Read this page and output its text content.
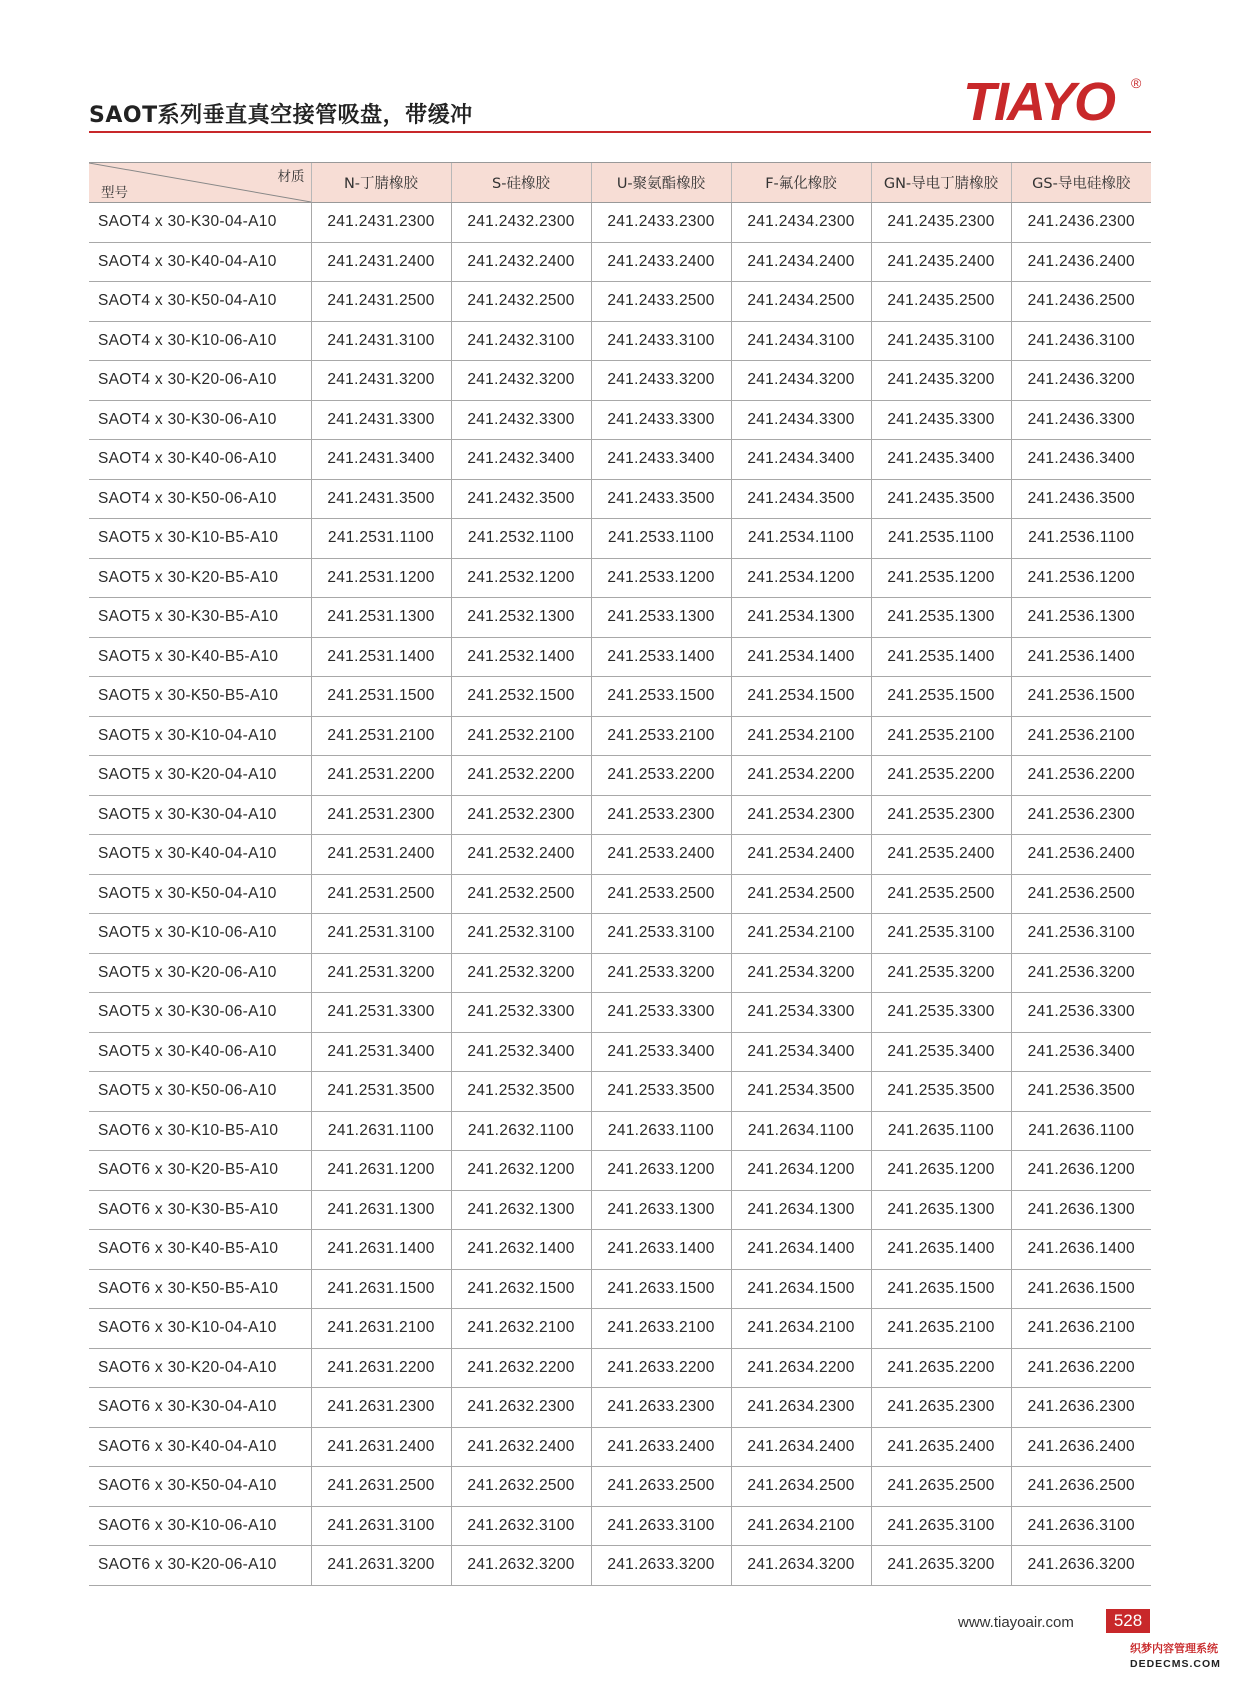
SAOT系列垂直真空接管吸盘，带缓冲	TIAYO ®
材质
型号	N-丁腈橡胶	S-硅橡胶	U-聚氨酯橡胶	F-氟化橡胶	GN-导电丁腈橡胶	GS-导电硅橡胶
SAOT4 x 30-K30-04-A10	241.2431.2300	241.2432.2300	241.2433.2300	241.2434.2300	241.2435.2300	241.2436.2300
SAOT4 x 30-K40-04-A10	241.2431.2400	241.2432.2400	241.2433.2400	241.2434.2400	241.2435.2400	241.2436.2400
SAOT4 x 30-K50-04-A10	241.2431.2500	241.2432.2500	241.2433.2500	241.2434.2500	241.2435.2500	241.2436.2500
SAOT4 x 30-K10-06-A10	241.2431.3100	241.2432.3100	241.2433.3100	241.2434.3100	241.2435.3100	241.2436.3100
SAOT4 x 30-K20-06-A10	241.2431.3200	241.2432.3200	241.2433.3200	241.2434.3200	241.2435.3200	241.2436.3200
SAOT4 x 30-K30-06-A10	241.2431.3300	241.2432.3300	241.2433.3300	241.2434.3300	241.2435.3300	241.2436.3300
SAOT4 x 30-K40-06-A10	241.2431.3400	241.2432.3400	241.2433.3400	241.2434.3400	241.2435.3400	241.2436.3400
SAOT4 x 30-K50-06-A10	241.2431.3500	241.2432.3500	241.2433.3500	241.2434.3500	241.2435.3500	241.2436.3500
SAOT5 x 30-K10-B5-A10	241.2531.1100	241.2532.1100	241.2533.1100	241.2534.1100	241.2535.1100	241.2536.1100
SAOT5 x 30-K20-B5-A10	241.2531.1200	241.2532.1200	241.2533.1200	241.2534.1200	241.2535.1200	241.2536.1200
SAOT5 x 30-K30-B5-A10	241.2531.1300	241.2532.1300	241.2533.1300	241.2534.1300	241.2535.1300	241.2536.1300
SAOT5 x 30-K40-B5-A10	241.2531.1400	241.2532.1400	241.2533.1400	241.2534.1400	241.2535.1400	241.2536.1400
SAOT5 x 30-K50-B5-A10	241.2531.1500	241.2532.1500	241.2533.1500	241.2534.1500	241.2535.1500	241.2536.1500
SAOT5 x 30-K10-04-A10	241.2531.2100	241.2532.2100	241.2533.2100	241.2534.2100	241.2535.2100	241.2536.2100
SAOT5 x 30-K20-04-A10	241.2531.2200	241.2532.2200	241.2533.2200	241.2534.2200	241.2535.2200	241.2536.2200
SAOT5 x 30-K30-04-A10	241.2531.2300	241.2532.2300	241.2533.2300	241.2534.2300	241.2535.2300	241.2536.2300
SAOT5 x 30-K40-04-A10	241.2531.2400	241.2532.2400	241.2533.2400	241.2534.2400	241.2535.2400	241.2536.2400
SAOT5 x 30-K50-04-A10	241.2531.2500	241.2532.2500	241.2533.2500	241.2534.2500	241.2535.2500	241.2536.2500
SAOT5 x 30-K10-06-A10	241.2531.3100	241.2532.3100	241.2533.3100	241.2534.2100	241.2535.3100	241.2536.3100
SAOT5 x 30-K20-06-A10	241.2531.3200	241.2532.3200	241.2533.3200	241.2534.3200	241.2535.3200	241.2536.3200
SAOT5 x 30-K30-06-A10	241.2531.3300	241.2532.3300	241.2533.3300	241.2534.3300	241.2535.3300	241.2536.3300
SAOT5 x 30-K40-06-A10	241.2531.3400	241.2532.3400	241.2533.3400	241.2534.3400	241.2535.3400	241.2536.3400
SAOT5 x 30-K50-06-A10	241.2531.3500	241.2532.3500	241.2533.3500	241.2534.3500	241.2535.3500	241.2536.3500
SAOT6 x 30-K10-B5-A10	241.2631.1100	241.2632.1100	241.2633.1100	241.2634.1100	241.2635.1100	241.2636.1100
SAOT6 x 30-K20-B5-A10	241.2631.1200	241.2632.1200	241.2633.1200	241.2634.1200	241.2635.1200	241.2636.1200
SAOT6 x 30-K30-B5-A10	241.2631.1300	241.2632.1300	241.2633.1300	241.2634.1300	241.2635.1300	241.2636.1300
SAOT6 x 30-K40-B5-A10	241.2631.1400	241.2632.1400	241.2633.1400	241.2634.1400	241.2635.1400	241.2636.1400
SAOT6 x 30-K50-B5-A10	241.2631.1500	241.2632.1500	241.2633.1500	241.2634.1500	241.2635.1500	241.2636.1500
SAOT6 x 30-K10-04-A10	241.2631.2100	241.2632.2100	241.2633.2100	241.2634.2100	241.2635.2100	241.2636.2100
SAOT6 x 30-K20-04-A10	241.2631.2200	241.2632.2200	241.2633.2200	241.2634.2200	241.2635.2200	241.2636.2200
SAOT6 x 30-K30-04-A10	241.2631.2300	241.2632.2300	241.2633.2300	241.2634.2300	241.2635.2300	241.2636.2300
SAOT6 x 30-K40-04-A10	241.2631.2400	241.2632.2400	241.2633.2400	241.2634.2400	241.2635.2400	241.2636.2400
SAOT6 x 30-K50-04-A10	241.2631.2500	241.2632.2500	241.2633.2500	241.2634.2500	241.2635.2500	241.2636.2500
SAOT6 x 30-K10-06-A10	241.2631.3100	241.2632.3100	241.2633.3100	241.2634.2100	241.2635.3100	241.2636.3100
SAOT6 x 30-K20-06-A10	241.2631.3200	241.2632.3200	241.2633.3200	241.2634.3200	241.2635.3200	241.2636.3200
www.tiayoair.com	528
织梦内容管理系统
DEDECMS.COM
